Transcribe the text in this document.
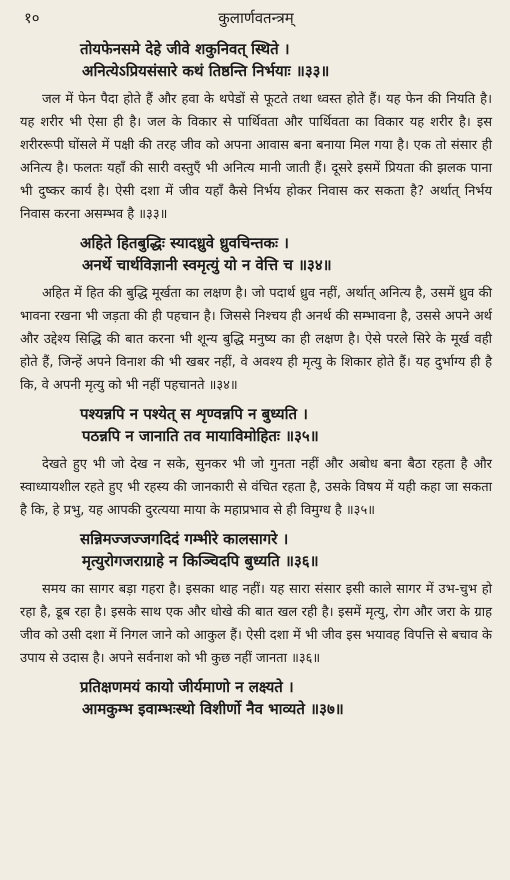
१०	कुलार्णवतन्त्रम्
तोयफेनसमे देहे जीवे शकुनिवत् स्थिते ।
अनित्येऽप्रियसंसारे कथं तिष्ठन्ति निर्भयाः ॥३३॥

जल में फेन पैदा होते हैं और हवा के थपेडों से फूटते तथा ध्वस्त होते हैं। यह फेन की नियति है। यह शरीर भी ऐसा ही है। जल के विकार से पार्थिवता और पार्थिवता का विकार यह शरीर है। इस शरीररूपी घोंसले में पक्षी की तरह जीव को अपना आवास बना बनाया मिल गया है। एक तो संसार ही अनित्य है। फलतः यहाँ की सारी वस्तुएँ भी अनित्य मानी जाती हैं। दूसरे इसमें प्रियता की झलक पाना भी दुष्कर कार्य है। ऐसी दशा में जीव यहाँ कैसे निर्भय होकर निवास कर सकता है? अर्थात् निर्भय निवास करना असम्भव है ॥३३॥

अहिते हितबुद्धिः स्यादध्रुवे ध्रुवचिन्तकः ।
अनर्थे चार्थविज्ञानी स्वमृत्युं यो न वेत्ति च ॥३४॥

अहित में हित की बुद्धि मूर्खता का लक्षण है। जो पदार्थ ध्रुव नहीं, अर्थात् अनित्य है, उसमें ध्रुव की भावना रखना भी जड़ता की ही पहचान है। जिससे निश्चय ही अनर्थ की सम्भावना है, उससे अपने अर्थ और उद्देश्य सिद्धि की बात करना भी शून्य बुद्धि मनुष्य का ही लक्षण है। ऐसे परले सिरे के मूर्ख वही होते हैं, जिन्हें अपने विनाश की भी खबर नहीं, वे अवश्य ही मृत्यु के शिकार होते हैं। यह दुर्भाग्य ही है कि, वे अपनी मृत्यु को भी नहीं पहचानते ॥३४॥

पश्यन्नपि न पश्येत् स शृण्वन्नपि न बुध्यति ।
पठन्नपि न जानाति तव मायाविमोहितः ॥३५॥

देखते हुए भी जो देख न सके, सुनकर भी जो गुनता नहीं और अबोध बना बैठा रहता है और स्वाध्यायशील रहते हुए भी रहस्य की जानकारी से वंचित रहता है, उसके विषय में यही कहा जा सकता है कि, हे प्रभु, यह आपकी दुरत्यया माया के महाप्रभाव से ही विमुग्ध है ॥३५॥

सन्निमज्जज्जगदिदं गम्भीरे कालसागरे ।
मृत्युरोगजराग्राहे न किञ्चिदपि बुध्यति ॥३६॥

समय का सागर बड़ा गहरा है। इसका थाह नहीं। यह सारा संसार इसी काले सागर में उभ-चुभ हो रहा है, डूब रहा है। इसके साथ एक और धोखे की बात खल रही है। इसमें मृत्यु, रोग और जरा के ग्राह जीव को उसी दशा में निगल जाने को आकुल हैं। ऐसी दशा में भी जीव इस भयावह विपत्ति से बचाव के उपाय से उदास है। अपने सर्वनाश को भी कुछ नहीं जानता ॥३६॥

प्रतिक्षणमयं कायो जीर्यमाणो न लक्ष्यते ।
आमकुम्भ इवाम्भःस्थो विशीर्णो नैव भाव्यते ॥३७॥
